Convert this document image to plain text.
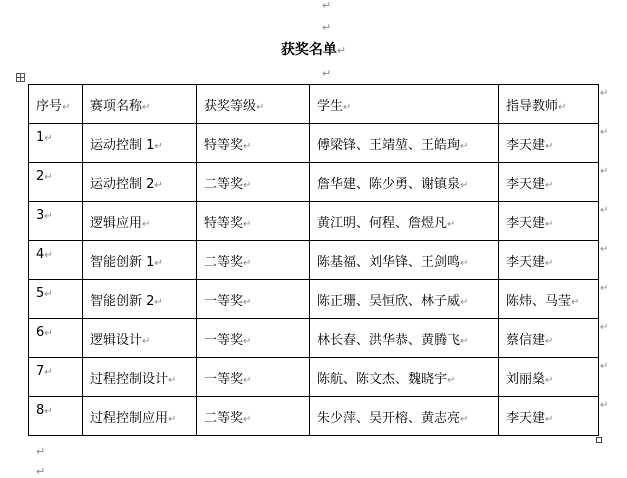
↵
↵
获奖名单↵
↵
序号↵	赛项名称↵	获奖等级↵	学生↵	指导教师↵
1↵	运动控制 1↵	特等奖↵	傅梁锋、王靖堃、王皓珣↵	李天建↵
2↵	运动控制 2↵	二等奖↵	詹华建、陈少勇、谢镇泉↵	李天建↵
3↵	逻辑应用↵	特等奖↵	黄江明、何程、詹煜凡↵	李天建↵
4↵	智能创新 1↵	二等奖↵	陈基福、刘华锋、王剑鸣↵	李天建↵
5↵	智能创新 2↵	一等奖↵	陈正珊、吴恒欣、林子威↵	陈炜、马莹↵
6↵	逻辑设计↵	一等奖↵	林长春、洪华恭、黄腾飞↵	蔡信建↵
7↵	过程控制设计↵	一等奖↵	陈航、陈文杰、魏晓宇↵	刘丽燊↵
8↵	过程控制应用↵	二等奖↵	朱少萍、吴开榕、黄志亮↵	李天建↵
↵
↵
↵
↵
↵
↵
↵
↵
↵
↵
↵
